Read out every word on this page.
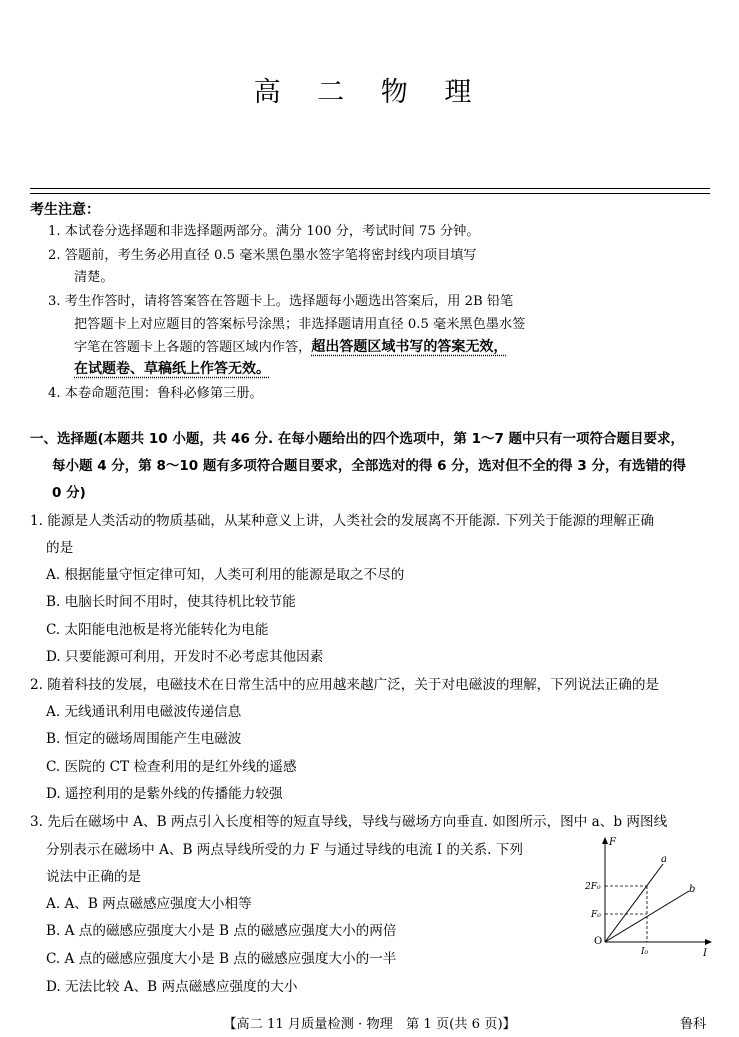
高 二 物 理
考生注意：
1. 本试卷分选择题和非选择题两部分。满分 100 分，考试时间 75 分钟。
2. 答题前，考生务必用直径 0.5 毫米黑色墨水签字笔将密封线内项目填写
清楚。
3. 考生作答时，请将答案答在答题卡上。选择题每小题选出答案后，用 2B 铅笔
把答题卡上对应题目的答案标号涂黑；非选择题请用直径 0.5 毫米黑色墨水签
字笔在答题卡上各题的答题区域内作答，超出答题区域书写的答案无效，
在试题卷、草稿纸上作答无效。
4. 本卷命题范围：鲁科必修第三册。
一、选择题(本题共 10 小题，共 46 分. 在每小题给出的四个选项中，第 1～7 题中只有一项符合题目要求，
每小题 4 分，第 8～10 题有多项符合题目要求，全部选对的得 6 分，选对但不全的得 3 分，有选错的得
0 分)
1. 能源是人类活动的物质基础，从某种意义上讲，人类社会的发展离不开能源. 下列关于能源的理解正确
的是
A. 根据能量守恒定律可知，人类可利用的能源是取之不尽的
B. 电脑长时间不用时，使其待机比较节能
C. 太阳能电池板是将光能转化为电能
D. 只要能源可利用，开发时不必考虑其他因素
2. 随着科技的发展，电磁技术在日常生活中的应用越来越广泛，关于对电磁波的理解，下列说法正确的是
A. 无线通讯利用电磁波传递信息
B. 恒定的磁场周围能产生电磁波
C. 医院的 CT 检查利用的是红外线的遥感
D. 遥控利用的是紫外线的传播能力较强
3. 先后在磁场中 A、B 两点引入长度相等的短直导线，导线与磁场方向垂直. 如图所示，图中 a、b 两图线
分别表示在磁场中 A、B 两点导线所受的力 F 与通过导线的电流 I 的关系. 下列
说法中正确的是
A. A、B 两点磁感应强度大小相等
B. A 点的磁感应强度大小是 B 点的磁感应强度大小的两倍
C. A 点的磁感应强度大小是 B 点的磁感应强度大小的一半
D. 无法比较 A、B 两点磁感应强度的大小
F
I
O
2F₀
F₀
I₀
a
b
【高二 11 月质量检测 · 物理　第 1 页(共 6 页)】	鲁科
